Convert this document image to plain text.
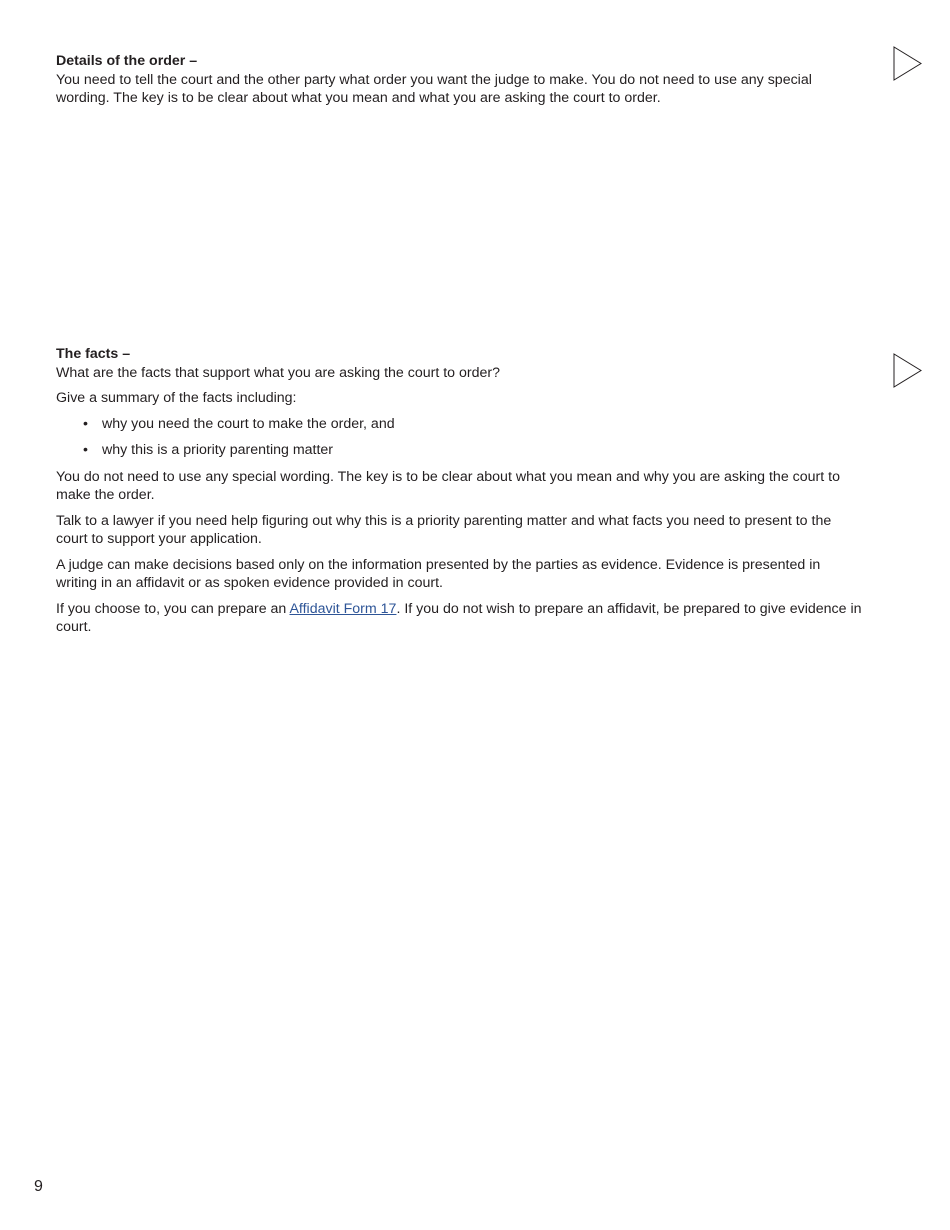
Details of the order –

You need to tell the court and the other party what order you want the judge to make. You do not need to use any special wording. The key is to be clear about what you mean and what you are asking the court to order.

The facts –

What are the facts that support what you are asking the court to order?

Give a summary of the facts including:

• why you need the court to make the order, and
• why this is a priority parenting matter

You do not need to use any special wording. The key is to be clear about what you mean and why you are asking the court to make the order.

Talk to a lawyer if you need help figuring out why this is a priority parenting matter and what facts you need to present to the court to support your application.

A judge can make decisions based only on the information presented by the parties as evidence. Evidence is presented in writing in an affidavit or as spoken evidence provided in court.

If you choose to, you can prepare an Affidavit Form 17. If you do not wish to prepare an affidavit, be prepared to give evidence in court.

9
